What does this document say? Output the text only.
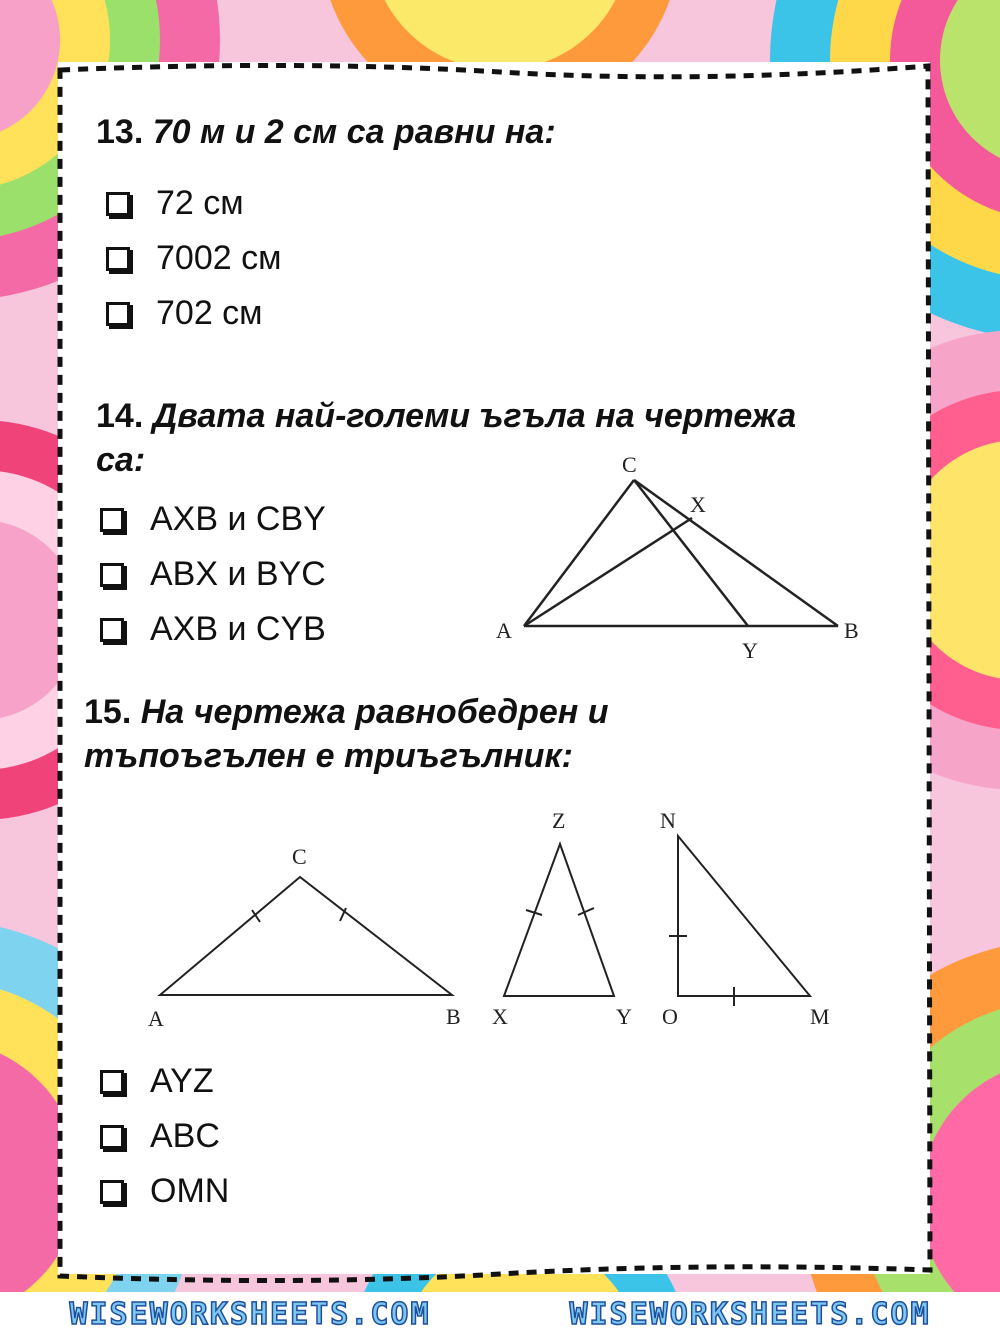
13. 70 м и 2 см са равни на:
72 см
7002 см
702 см
14. Двата най-големи ъгъла на чертежа
са:
AXB и CBY
ABX и BYC
AXB и CYB	A	B
C
X
Y
15. На чертежа равнобедрен и
тъпоъгълен е триъгълник:
A	B
C
X	Y
Z
O	M
N
AYZ
ABC
OMN
WISEWORKSHEETS.COM	WISEWORKSHEETS.COM
